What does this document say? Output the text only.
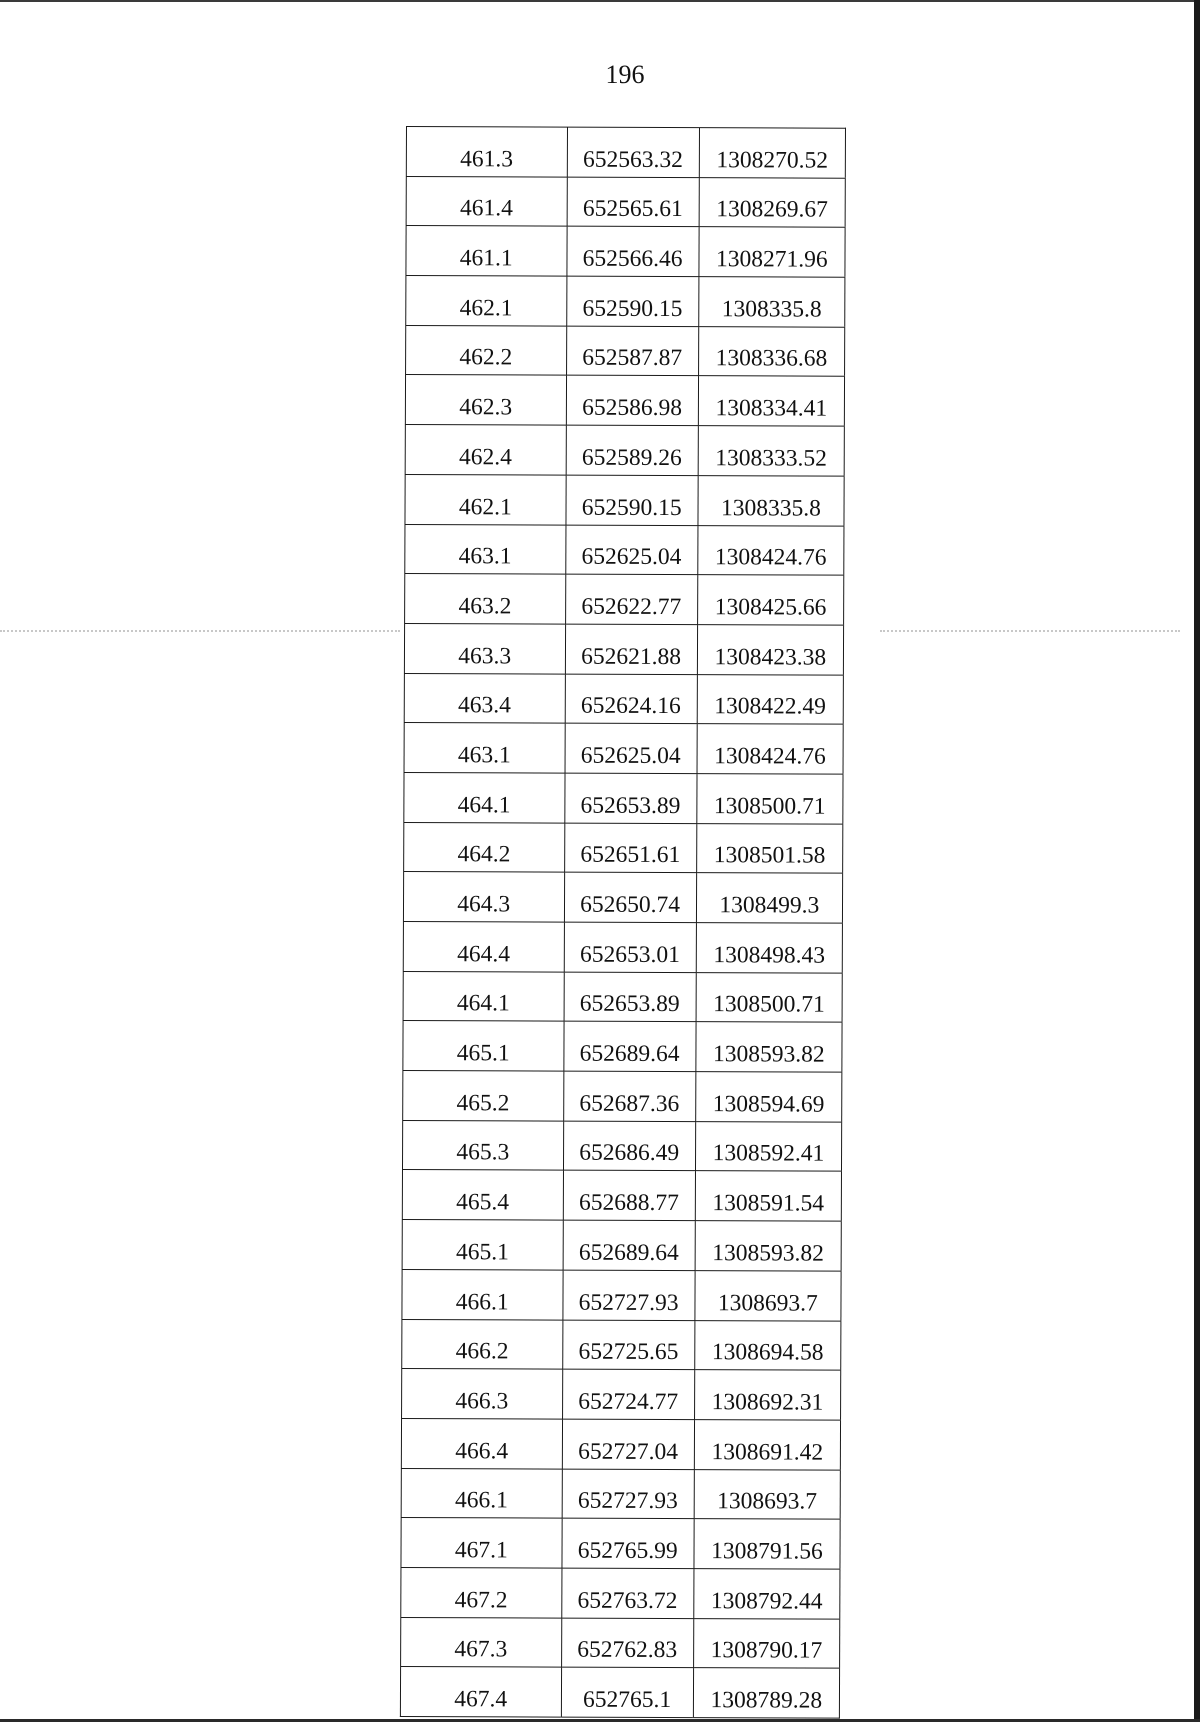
196
461.3	652563.32	1308270.52
461.4	652565.61	1308269.67
461.1	652566.46	1308271.96
462.1	652590.15	1308335.8
462.2	652587.87	1308336.68
462.3	652586.98	1308334.41
462.4	652589.26	1308333.52
462.1	652590.15	1308335.8
463.1	652625.04	1308424.76
463.2	652622.77	1308425.66
463.3	652621.88	1308423.38
463.4	652624.16	1308422.49
463.1	652625.04	1308424.76
464.1	652653.89	1308500.71
464.2	652651.61	1308501.58
464.3	652650.74	1308499.3
464.4	652653.01	1308498.43
464.1	652653.89	1308500.71
465.1	652689.64	1308593.82
465.2	652687.36	1308594.69
465.3	652686.49	1308592.41
465.4	652688.77	1308591.54
465.1	652689.64	1308593.82
466.1	652727.93	1308693.7
466.2	652725.65	1308694.58
466.3	652724.77	1308692.31
466.4	652727.04	1308691.42
466.1	652727.93	1308693.7
467.1	652765.99	1308791.56
467.2	652763.72	1308792.44
467.3	652762.83	1308790.17
467.4	652765.1	1308789.28
